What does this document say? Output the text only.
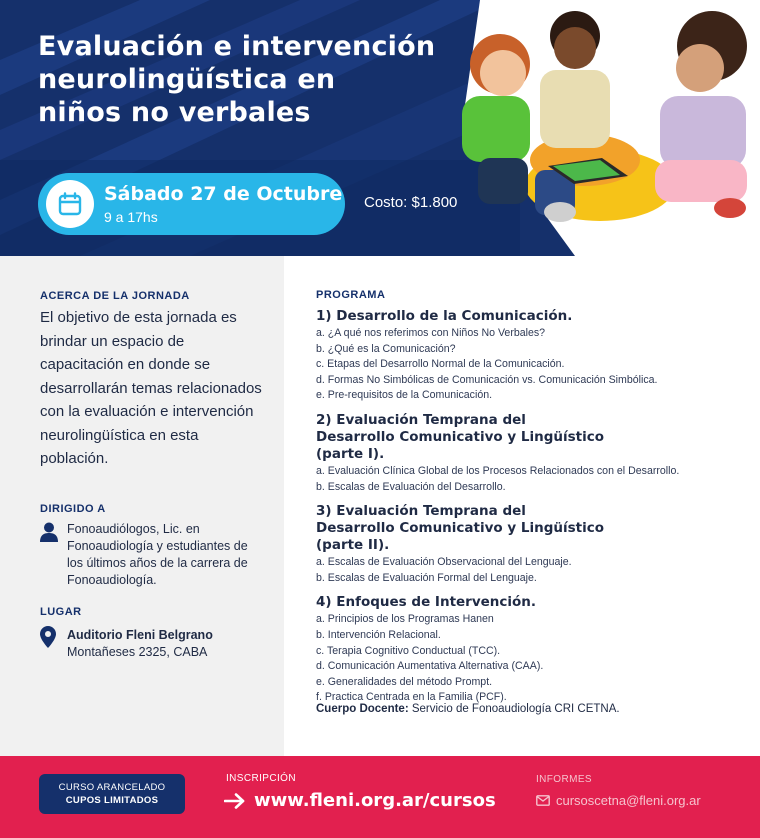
Evaluación e intervención
neurolingüística en
niños no verbales
Sábado 27 de Octubre
9 a 17hs
Costo: $1.800
ACERCA DE LA JORNADA
El objetivo de esta jornada es brindar un espacio de capacitación en donde se desarrollarán temas relacionados con la evaluación e intervención neurolingüística en esta población.
DIRIGIDO A
Fonoaudiólogos, Lic. en Fonoaudiología y estudiantes de los últimos años de la carrera de Fonoaudiología.
LUGAR
Auditorio Fleni Belgrano
Montañeses 2325, CABA
PROGRAMA
1) Desarrollo de la Comunicación.
a. ¿A qué nos referimos con Niños No Verbales?
b. ¿Qué es la Comunicación?
c. Etapas del Desarrollo Normal de la Comunicación.
d. Formas No Simbólicas de Comunicación vs. Comunicación Simbólica.
e. Pre-requisitos de la Comunicación.
2) Evaluación Temprana del Desarrollo Comunicativo y Lingüístico (parte I).
a. Evaluación Clínica Global de los Procesos Relacionados con el Desarrollo.
b. Escalas de Evaluación del Desarrollo.
3) Evaluación Temprana del Desarrollo Comunicativo y Lingüístico (parte II).
a. Escalas de Evaluación Observacional del Lenguaje.
b. Escalas de Evaluación Formal del Lenguaje.
4) Enfoques de Intervención.
a. Principios de los Programas Hanen
b. Intervención Relacional.
c. Terapia Cognitivo Conductual (TCC).
d. Comunicación Aumentativa Alternativa (CAA).
e. Generalidades del método Prompt.
f. Practica Centrada en la Familia (PCF).
Cuerpo Docente: Servicio de Fonoaudiología CRI CETNA.
CURSO ARANCELADO
CUPOS LIMITADOS
INSCRIPCIÓN
www.fleni.org.ar/cursos
INFORMES
cursoscetna@fleni.org.ar
